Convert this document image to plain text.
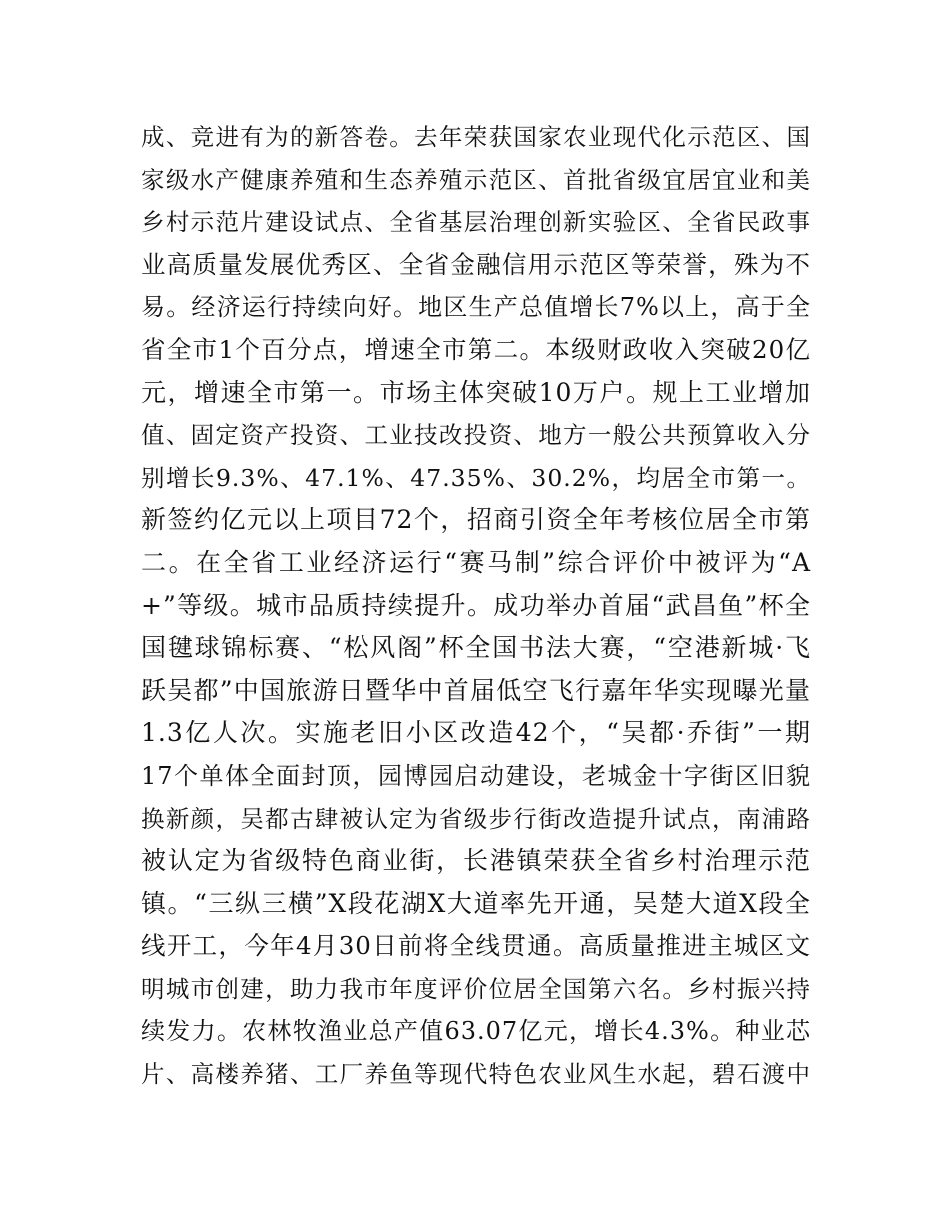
成、竞进有为的新答卷。去年荣获国家农业现代化示范区、国
家级水产健康养殖和生态养殖示范区、首批省级宜居宜业和美
乡村示范片建设试点、全省基层治理创新实验区、全省民政事
业高质量发展优秀区、全省金融信用示范区等荣誉，殊为不
易。经济运行持续向好。地区生产总值增长7%以上，高于全
省全市1个百分点，增速全市第二。本级财政收入突破20亿
元，增速全市第一。市场主体突破10万户。规上工业增加
值、固定资产投资、工业技改投资、地方一般公共预算收入分
别增长9.3%、47.1%、47.35%、30.2%，均居全市第一。
新签约亿元以上项目72个，招商引资全年考核位居全市第
二。在全省工业经济运行“赛马制”综合评价中被评为“A
+”等级。城市品质持续提升。成功举办首届“武昌鱼”杯全
国毽球锦标赛、“松风阁”杯全国书法大赛，“空港新城·飞
跃吴都”中国旅游日暨华中首届低空飞行嘉年华实现曝光量
1.3亿人次。实施老旧小区改造42个，“吴都·乔街”一期
17个单体全面封顶，园博园启动建设，老城金十字街区旧貌
换新颜，吴都古肆被认定为省级步行街改造提升试点，南浦路
被认定为省级特色商业街，长港镇荣获全省乡村治理示范
镇。“三纵三横”X段花湖X大道率先开通，吴楚大道X段全
线开工，今年4月30日前将全线贯通。高质量推进主城区文
明城市创建，助力我市年度评价位居全国第六名。乡村振兴持
续发力。农林牧渔业总产值63.07亿元，增长4.3%。种业芯
片、高楼养猪、工厂养鱼等现代特色农业风生水起，碧石渡中
